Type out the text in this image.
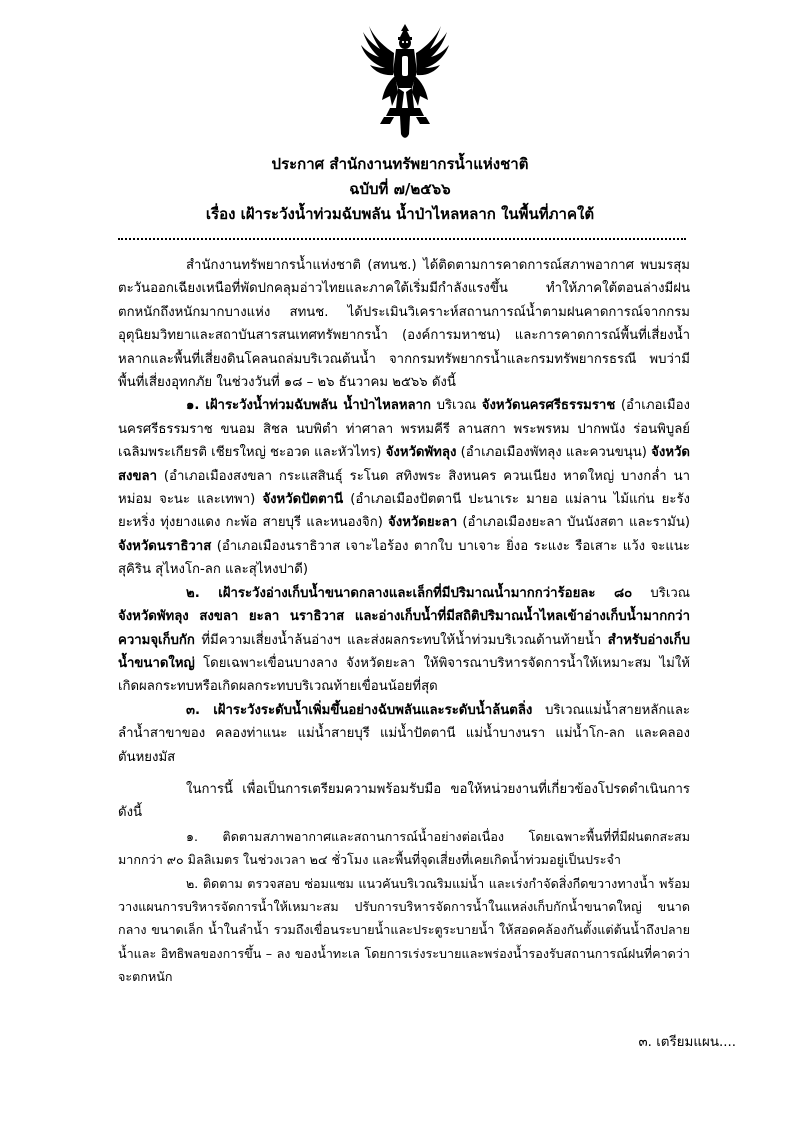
ประกาศ สำนักงานทรัพยากรน้ำแห่งชาติ
ฉบับที่ ๗/๒๕๖๖
เรื่อง เฝ้าระวังน้ำท่วมฉับพลัน น้ำป่าไหลหลาก ในพื้นที่ภาคใต้

สำนักงานทรัพยากรน้ำแห่งชาติ (สทนช.) ได้ติดตามการคาดการณ์สภาพอากาศ พบมรสุมตะวันออกเฉียงเหนือที่พัดปกคลุมอ่าวไทยและภาคใต้เริ่มมีกำลังแรงขึ้น ทำให้ภาคใต้ตอนล่างมีฝนตกหนักถึงหนักมากบางแห่ง สทนช. ได้ประเมินวิเคราะห์สถานการณ์น้ำตามฝนคาดการณ์จากกรมอุตุนิยมวิทยาและสถาบันสารสนเทศทรัพยากรน้ำ (องค์การมหาชน) และการคาดการณ์พื้นที่เสี่ยงน้ำหลากและพื้นที่เสี่ยงดินโคลนถล่มบริเวณต้นน้ำ จากกรมทรัพยากรน้ำและกรมทรัพยากรธรณี พบว่ามีพื้นที่เสี่ยงอุทกภัย ในช่วงวันที่ ๑๘ – ๒๖ ธันวาคม ๒๕๖๖ ดังนี้

๑. เฝ้าระวังน้ำท่วมฉับพลัน น้ำป่าไหลหลาก บริเวณ จังหวัดนครศรีธรรมราช (อำเภอเมืองนครศรีธรรมราช ขนอม สิชล นบพิตำ ท่าศาลา พรหมคีรี ลานสกา พระพรหม ปากพนัง ร่อนพิบูลย์ เฉลิมพระเกียรติ เชียรใหญ่ ชะอวด และหัวไทร) จังหวัดพัทลุง (อำเภอเมืองพัทลุง และควนขนุน) จังหวัดสงขลา (อำเภอเมืองสงขลา กระแสสินธุ์ ระโนด สทิงพระ สิงหนคร ควนเนียง หาดใหญ่ บางกล่ำ นาหม่อม จะนะ และเทพา) จังหวัดปัตตานี (อำเภอเมืองปัตตานี ปะนาเระ มายอ แม่ลาน ไม้แก่น ยะรัง ยะหริ่ง ทุ่งยางแดง กะพ้อ สายบุรี และหนองจิก) จังหวัดยะลา (อำเภอเมืองยะลา บันนังสตา และรามัน) จังหวัดนราธิวาส (อำเภอเมืองนราธิวาส เจาะไอร้อง ตากใบ บาเจาะ ยิ่งอ ระแงะ รือเสาะ แว้ง จะแนะ สุคิริน สุไหงโก-ลก และสุไหงปาดี)

๒. เฝ้าระวังอ่างเก็บน้ำขนาดกลางและเล็กที่มีปริมาณน้ำมากกว่าร้อยละ ๘๐ บริเวณ จังหวัดพัทลุง สงขลา ยะลา นราธิวาส และอ่างเก็บน้ำที่มีสถิติปริมาณน้ำไหลเข้าอ่างเก็บน้ำมากกว่าความจุเก็บกัก ที่มีความเสี่ยงน้ำล้นอ่างฯ และส่งผลกระทบให้น้ำท่วมบริเวณด้านท้ายน้ำ สำหรับอ่างเก็บน้ำขนาดใหญ่ โดยเฉพาะเขื่อนบางลาง จังหวัดยะลา ให้พิจารณาบริหารจัดการน้ำให้เหมาะสม ไม่ให้เกิดผลกระทบหรือเกิดผลกระทบบริเวณท้ายเขื่อนน้อยที่สุด

๓. เฝ้าระวังระดับน้ำเพิ่มขึ้นอย่างฉับพลันและระดับน้ำล้นตลิ่ง บริเวณแม่น้ำสายหลักและลำน้ำสาขาของ คลองท่าแนะ แม่น้ำสายบุรี แม่น้ำปัตตานี แม่น้ำบางนรา แม่น้ำโก-ลก และคลองตันหยงมัส

ในการนี้ เพื่อเป็นการเตรียมความพร้อมรับมือ ขอให้หน่วยงานที่เกี่ยวข้องโปรดดำเนินการ ดังนี้

๑. ติดตามสภาพอากาศและสถานการณ์น้ำอย่างต่อเนื่อง โดยเฉพาะพื้นที่ที่มีฝนตกสะสมมากกว่า ๙๐ มิลลิเมตร ในช่วงเวลา ๒๔ ชั่วโมง และพื้นที่จุดเสี่ยงที่เคยเกิดน้ำท่วมอยู่เป็นประจำ

๒. ติดตาม ตรวจสอบ ซ่อมแซม แนวคันบริเวณริมแม่น้ำ และเร่งกำจัดสิ่งกีดขวางทางน้ำ พร้อมวางแผนการบริหารจัดการน้ำให้เหมาะสม ปรับการบริหารจัดการน้ำในแหล่งเก็บกักน้ำขนาดใหญ่ ขนาดกลาง ขนาดเล็ก น้ำในลำน้ำ รวมถึงเขื่อนระบายน้ำและประตูระบายน้ำ ให้สอดคล้องกันตั้งแต่ต้นน้ำถึงปลายน้ำและ อิทธิพลของการขึ้น – ลง ของน้ำทะเล โดยการเร่งระบายและพร่องน้ำรองรับสถานการณ์ฝนที่คาดว่าจะตกหนัก

๓. เตรียมแผน....
